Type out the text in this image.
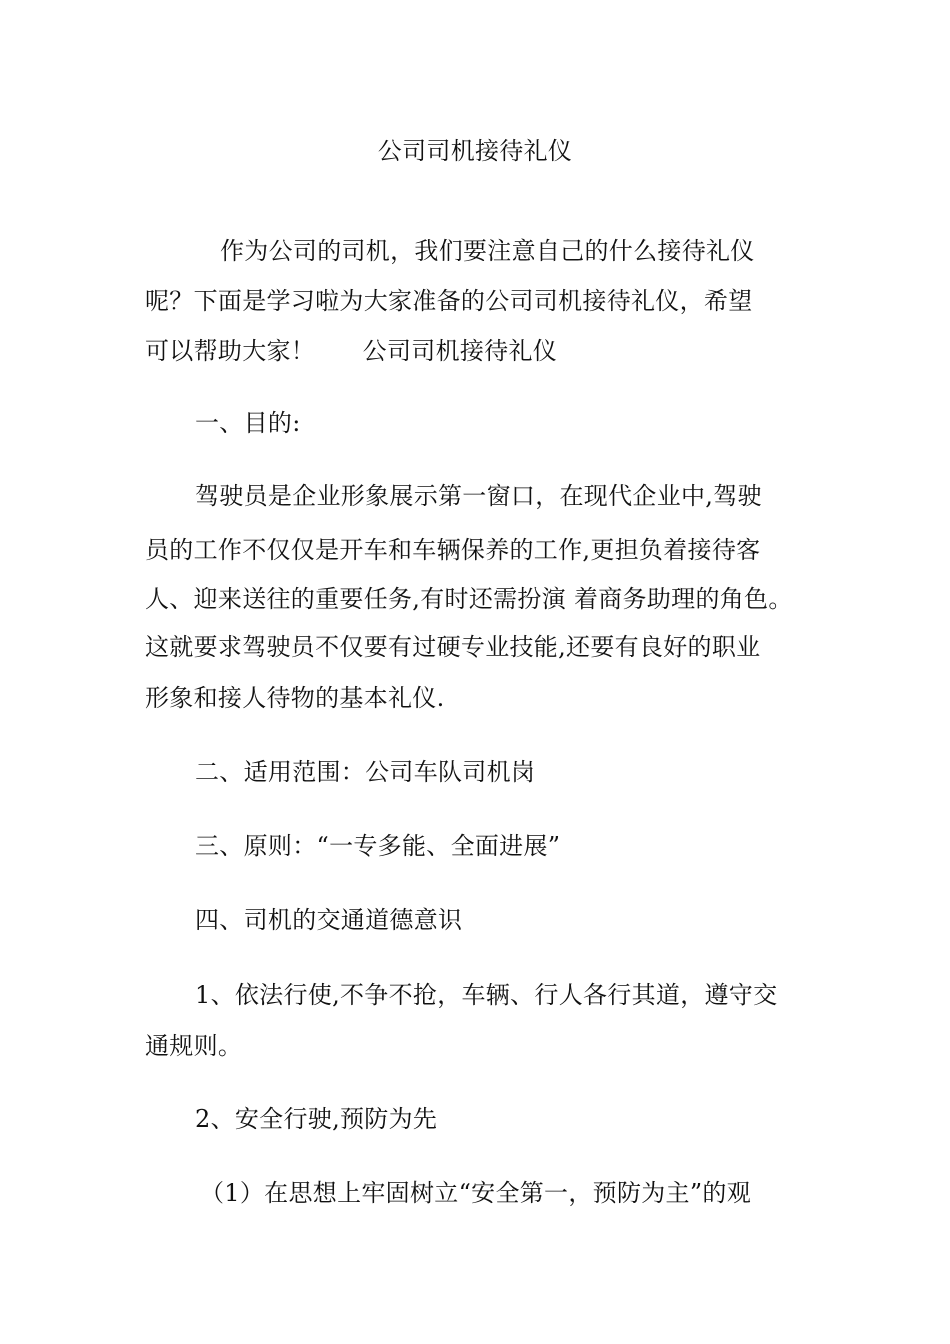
公司司机接待礼仪
作为公司的司机，我们要注意自己的什么接待礼仪
呢？下面是学习啦为大家准备的公司司机接待礼仪，希望
可以帮助大家！      公司司机接待礼仪
一、目的:
驾驶员是企业形象展示第一窗口，在现代企业中,驾驶
员的工作不仅仅是开车和车辆保养的工作,更担负着接待客
人、迎来送往的重要任务,有时还需扮演 着商务助理的角色。
这就要求驾驶员不仅要有过硬专业技能,还要有良好的职业
形象和接人待物的基本礼仪.
二、适用范围：公司车队司机岗
三、原则：“一专多能、全面进展”
四、司机的交通道德意识
1、依法行使,不争不抢，车辆、行人各行其道，遵守交
通规则。
2、安全行驶,预防为先
（1）在思想上牢固树立“安全第一，预防为主”的观
